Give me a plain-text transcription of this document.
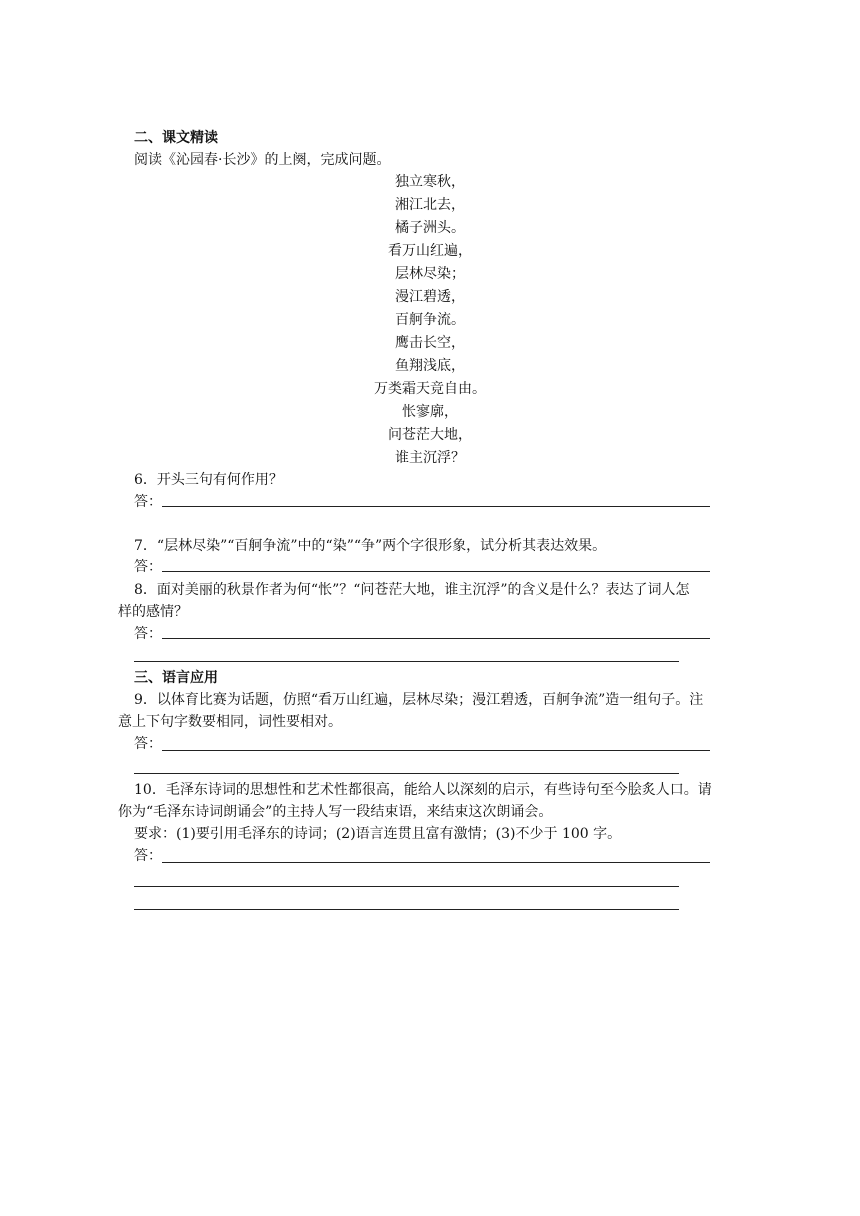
二、课文精读
阅读《沁园春·长沙》的上阕，完成问题。
独立寒秋，
湘江北去，
橘子洲头。
看万山红遍，
层林尽染；
漫江碧透，
百舸争流。
鹰击长空，
鱼翔浅底，
万类霜天竞自由。
怅寥廓，
问苍茫大地，
谁主沉浮？
6．开头三句有何作用？
答：
7．“层林尽染”“百舸争流”中的“染”“争”两个字很形象，试分析其表达效果。
答：
8．面对美丽的秋景作者为何“怅”？“问苍茫大地，谁主沉浮”的含义是什么？表达了词人怎
样的感情？
答：
三、语言应用
9．以体育比赛为话题，仿照“看万山红遍，层林尽染；漫江碧透，百舸争流”造一组句子。注
意上下句字数要相同，词性要相对。
答：
10．毛泽东诗词的思想性和艺术性都很高，能给人以深刻的启示，有些诗句至今脍炙人口。请
你为“毛泽东诗词朗诵会”的主持人写一段结束语，来结束这次朗诵会。
要求：(1)要引用毛泽东的诗词；(2)语言连贯且富有激情；(3)不少于 100 字。
答：
